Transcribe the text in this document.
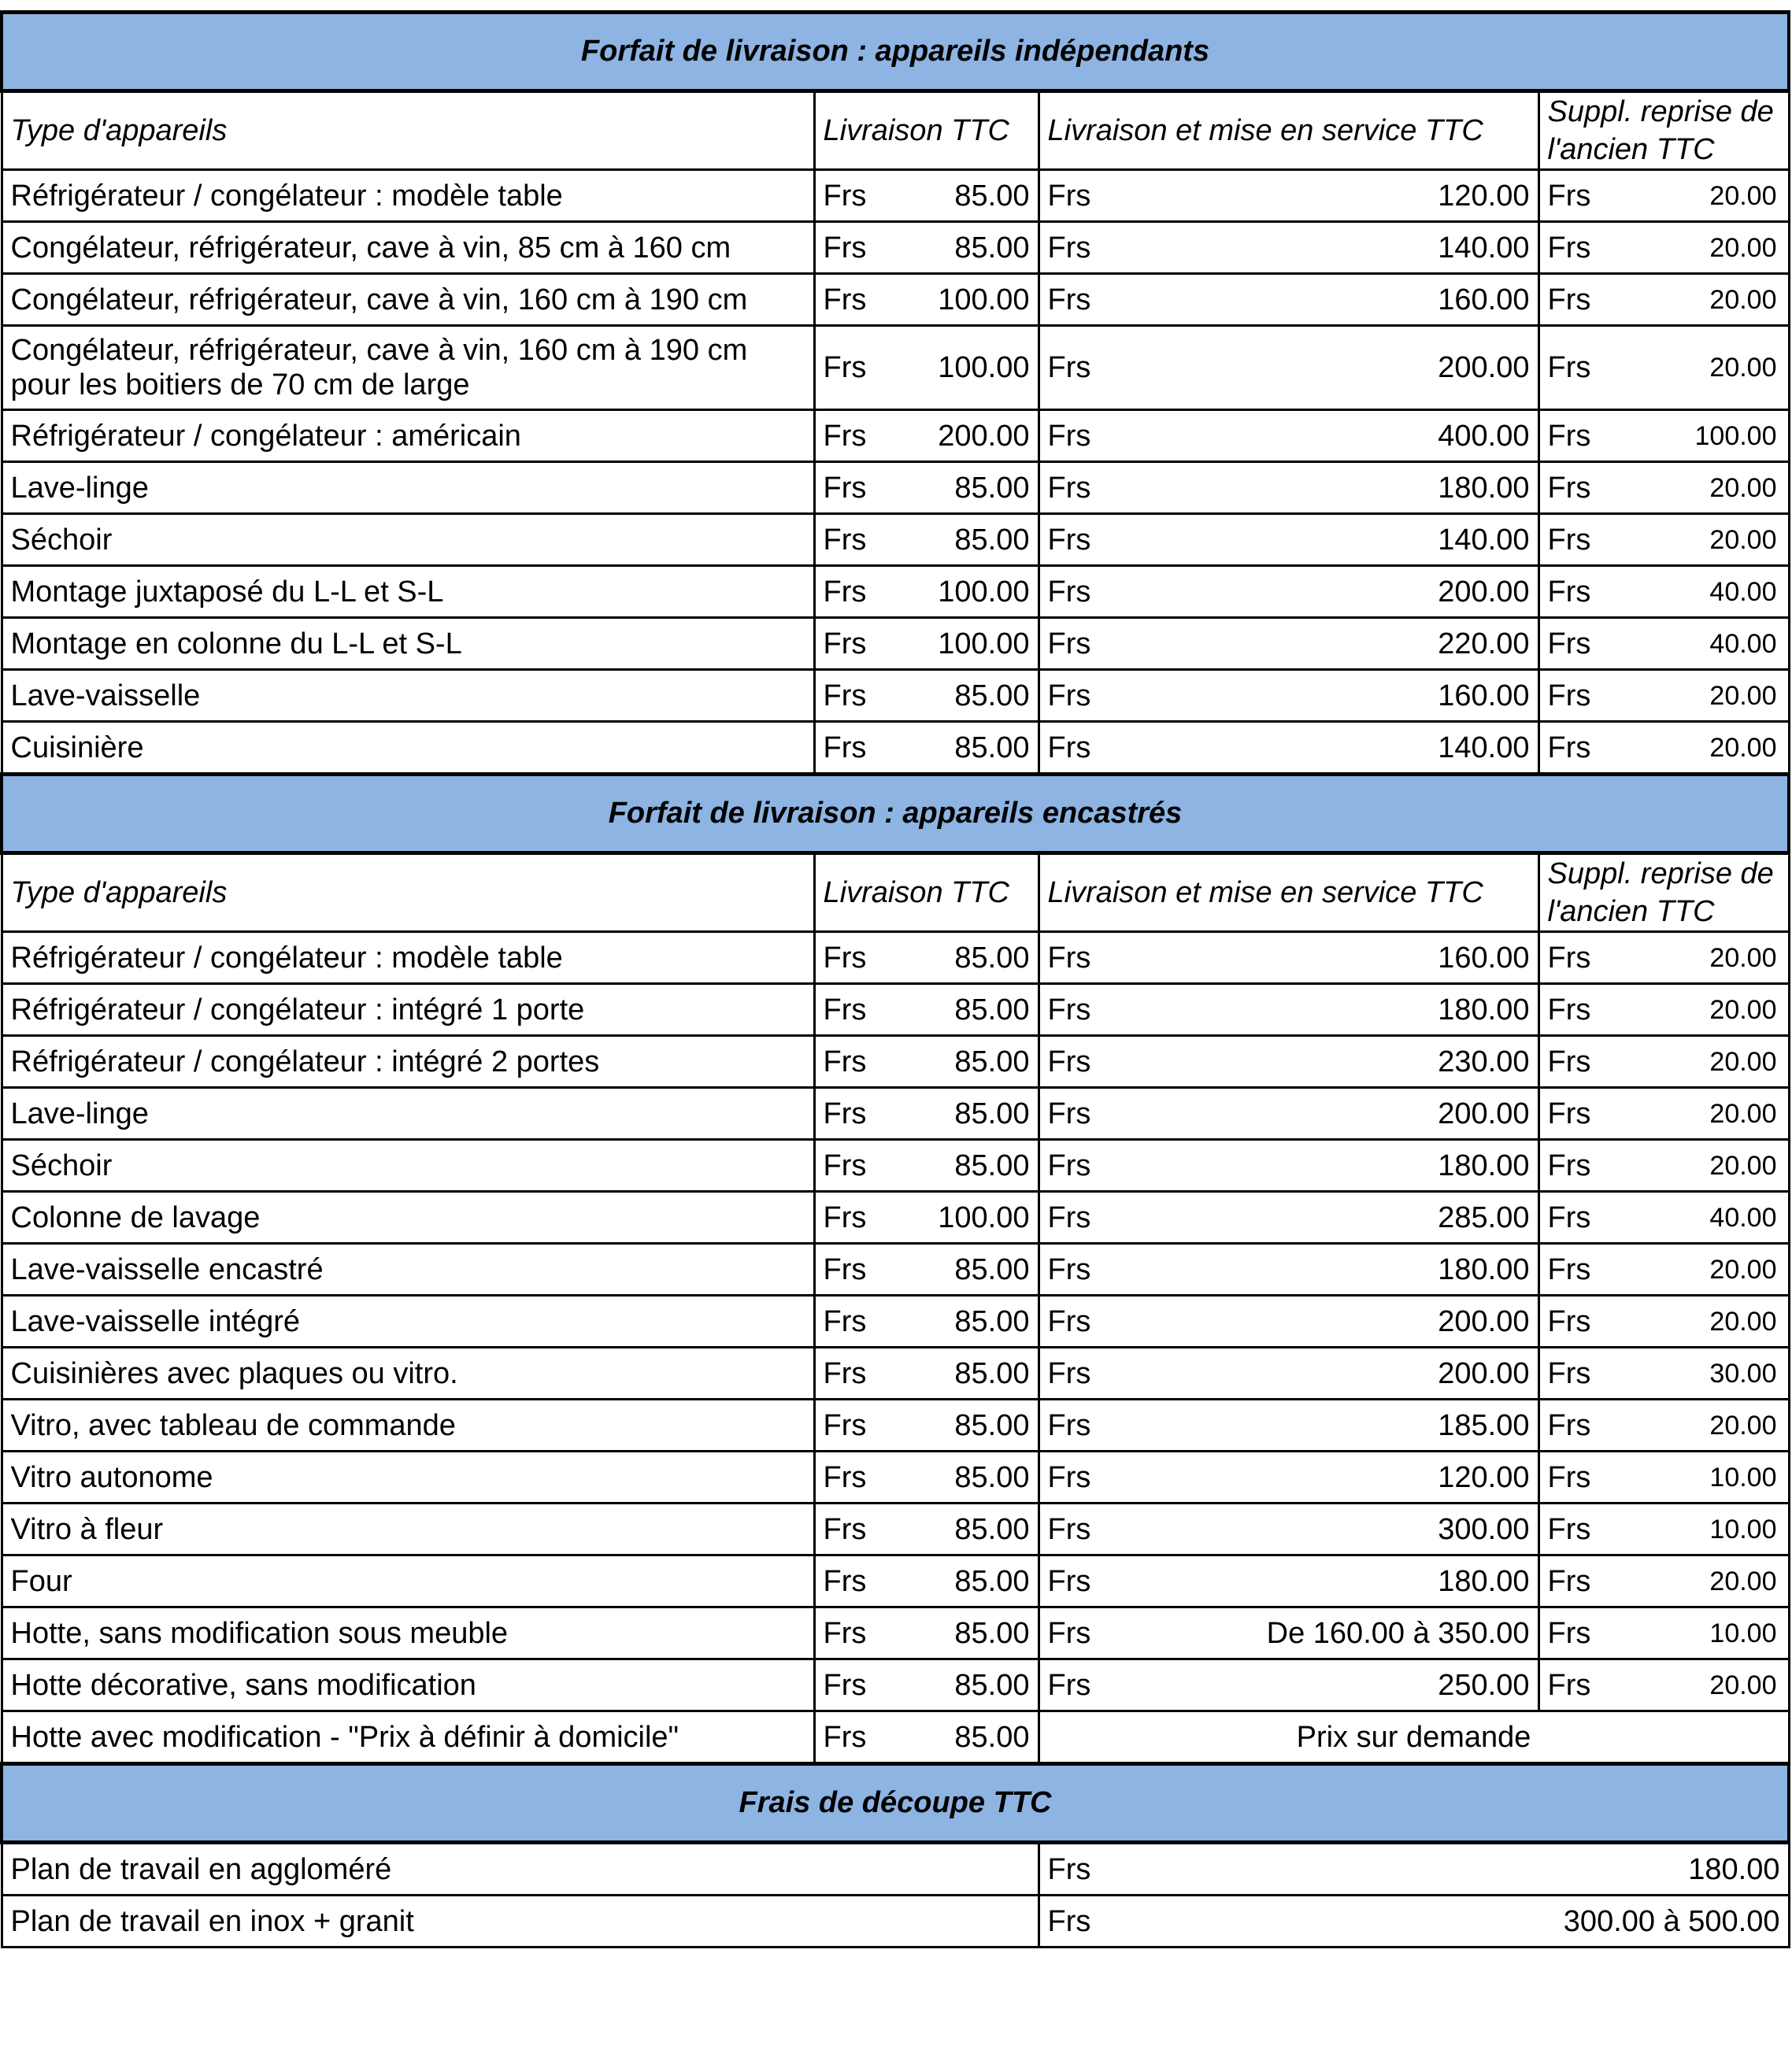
Forfait de livraison : appareils indépendants						
Type d'appareils	Livraison TTC		Livraison et mise en service TTC		Suppl. reprise de l'ancien TTC	
Réfrigérateur / congélateur : modèle table	Frs	85.00	Frs	120.00	Frs	20.00
Congélateur, réfrigérateur, cave à vin, 85 cm à 160 cm	Frs	85.00	Frs	140.00	Frs	20.00
Congélateur, réfrigérateur, cave à vin, 160 cm à 190 cm	Frs	100.00	Frs	160.00	Frs	20.00
Congélateur, réfrigérateur, cave à vin, 160 cm à 190 cm pour les boitiers de 70 cm de large	Frs	100.00	Frs	200.00	Frs	20.00
Réfrigérateur / congélateur : américain	Frs	200.00	Frs	400.00	Frs	100.00
Lave-linge	Frs	85.00	Frs	180.00	Frs	20.00
Séchoir	Frs	85.00	Frs	140.00	Frs	20.00
Montage juxtaposé du L-L et S-L	Frs	100.00	Frs	200.00	Frs	40.00
Montage en colonne du L-L et S-L	Frs	100.00	Frs	220.00	Frs	40.00
Lave-vaisselle	Frs	85.00	Frs	160.00	Frs	20.00
Cuisinière	Frs	85.00	Frs	140.00	Frs	20.00
Forfait de livraison : appareils encastrés						
Type d'appareils	Livraison TTC		Livraison et mise en service TTC		Suppl. reprise de l'ancien TTC	
Réfrigérateur / congélateur : modèle table	Frs	85.00	Frs	160.00	Frs	20.00
Réfrigérateur / congélateur : intégré 1 porte	Frs	85.00	Frs	180.00	Frs	20.00
Réfrigérateur / congélateur : intégré 2 portes	Frs	85.00	Frs	230.00	Frs	20.00
Lave-linge	Frs	85.00	Frs	200.00	Frs	20.00
Séchoir	Frs	85.00	Frs	180.00	Frs	20.00
Colonne de lavage	Frs	100.00	Frs	285.00	Frs	40.00
Lave-vaisselle encastré	Frs	85.00	Frs	180.00	Frs	20.00
Lave-vaisselle intégré	Frs	85.00	Frs	200.00	Frs	20.00
Cuisinières avec plaques ou vitro.	Frs	85.00	Frs	200.00	Frs	30.00
Vitro, avec tableau de commande	Frs	85.00	Frs	185.00	Frs	20.00
Vitro autonome	Frs	85.00	Frs	120.00	Frs	10.00
Vitro à fleur	Frs	85.00	Frs	300.00	Frs	10.00
Four	Frs	85.00	Frs	180.00	Frs	20.00
Hotte, sans modification sous meuble	Frs	85.00	Frs	De 160.00 à 350.00	Frs	10.00
Hotte décorative, sans modification	Frs	85.00	Frs	250.00	Frs	20.00
Hotte avec modification - "Prix à définir à domicile"	Frs	85.00	Prix sur demande			
Frais de découpe TTC						
Plan de travail en aggloméré			Frs	180.00		
Plan de travail en inox + granit			Frs	300.00 à 500.00		
